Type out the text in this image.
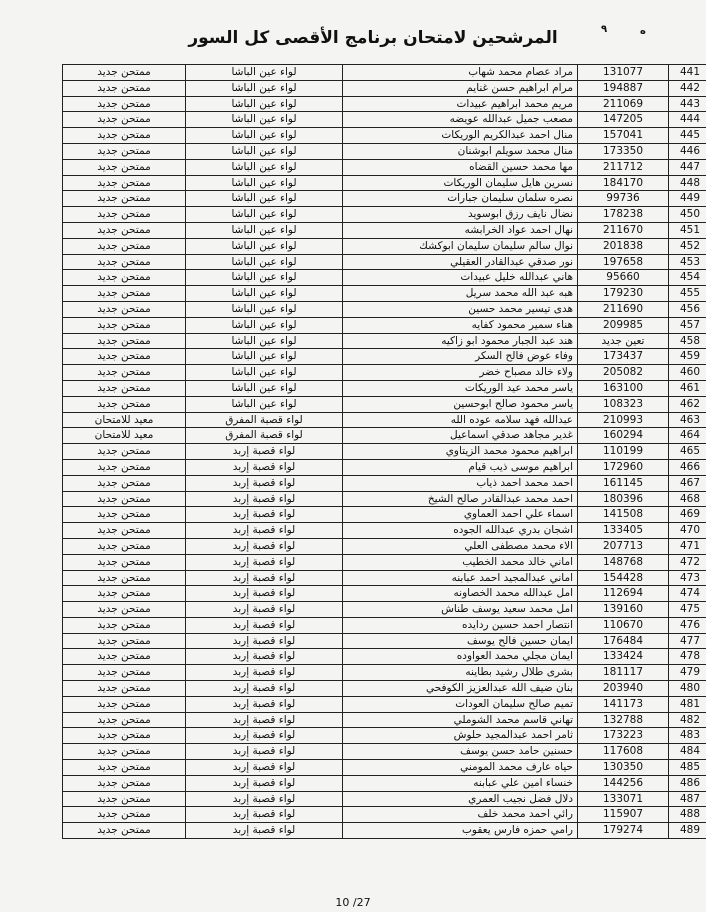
ه
٩
المرشحين لامتحان برنامج الأقصى كل السور
441	131077	مراد عصام محمد شهاب	لواء عين الباشا	ممتحن جديد
442	194887	مرام ابراهيم حسن غنايم	لواء عين الباشا	ممتحن جديد
443	211069	مريم محمد ابراهيم عبيدات	لواء عين الباشا	ممتحن جديد
444	147205	مصعب جميل عبدالله عويضه	لواء عين الباشا	ممتحن جديد
445	157041	منال احمد عبدالكريم الوريكات	لواء عين الباشا	ممتحن جديد
446	173350	منال محمد سويلم ابوشنان	لواء عين الباشا	ممتحن جديد
447	211712	مها محمد حسين القضاه	لواء عين الباشا	ممتحن جديد
448	184170	نسرين هايل سليمان الوريكات	لواء عين الباشا	ممتحن جديد
449	99736	نصره سلمان سليمان جبارات	لواء عين الباشا	ممتحن جديد
450	178238	نضال نايف رزق ابوسويد	لواء عين الباشا	ممتحن جديد
451	211670	نهال احمد عواد الخرابشه	لواء عين الباشا	ممتحن جديد
452	201838	نوال سالم سليمان سليمان ابوكشك	لواء عين الباشا	ممتحن جديد
453	197658	نور صدقي عبدالقادر العقيلي	لواء عين الباشا	ممتحن جديد
454	95660	هاني عبدالله خليل عبيدات	لواء عين الباشا	ممتحن جديد
455	179230	هبه عبد الله محمد سريل	لواء عين الباشا	ممتحن جديد
456	211690	هدى تيسير محمد حسين	لواء عين الباشا	ممتحن جديد
457	209985	هناء سمير محمود كفايه	لواء عين الباشا	ممتحن جديد
458	تعين جديد	هند عبد الجبار محمود ابو زاكيه	لواء عين الباشا	ممتحن جديد
459	173437	وفاء عوض فالح السكر	لواء عين الباشا	ممتحن جديد
460	205082	ولاء خالد مصباح خضر	لواء عين الباشا	ممتحن جديد
461	163100	ياسر محمد عيد الوريكات	لواء عين الباشا	ممتحن جديد
462	108323	ياسر محمود صالح ابوحسين	لواء عين الباشا	ممتحن جديد
463	210993	عبدالله فهد سلامه عوده الله	لواء قصبة المفرق	معيد للامتحان
464	160294	غدير مجاهد صدقي اسماعيل	لواء قصبة المفرق	معيد للامتحان
465	110199	ابراهيم محمود محمد الزيتاوي	لواء قصبة إربد	ممتحن جديد
466	172960	ابراهيم موسى ذيب قيام	لواء قصبة إربد	ممتحن جديد
467	161145	احمد محمد احمد ذياب	لواء قصبة إربد	ممتحن جديد
468	180396	احمد محمد عبدالقادر صالح الشيخ	لواء قصبة إربد	ممتحن جديد
469	141508	اسماء علي احمد العماوي	لواء قصبة إربد	ممتحن جديد
470	133405	اشجان بدري عبدالله الجوده	لواء قصبة إربد	ممتحن جديد
471	207713	الاء محمد مصطفى العلي	لواء قصبة إربد	ممتحن جديد
472	148768	اماني خالد محمد الخطيب	لواء قصبة إربد	ممتحن جديد
473	154428	اماني عبدالمجيد احمد عبابنه	لواء قصبة إربد	ممتحن جديد
474	112694	امل عبدالله محمد الخصاونه	لواء قصبة إربد	ممتحن جديد
475	139160	امل محمد سعيد يوسف طناش	لواء قصبة إربد	ممتحن جديد
476	110670	انتصار احمد حسين ردايده	لواء قصبة إربد	ممتحن جديد
477	176484	ايمان حسين فالح يوسف	لواء قصبة إربد	ممتحن جديد
478	133424	ايمان مجلي محمد العواوده	لواء قصبة إربد	ممتحن جديد
479	181117	بشرى طلال رشيد بطاينه	لواء قصبة إربد	ممتحن جديد
480	203940	بنان ضيف الله عبدالعزيز الكوفحي	لواء قصبة إربد	ممتحن جديد
481	141173	تميم صالح سليمان العودات	لواء قصبة إربد	ممتحن جديد
482	132788	تهاني قاسم محمد الشوملي	لواء قصبة إربد	ممتحن جديد
483	173223	ثامر احمد عبدالمجيد حلوش	لواء قصبة إربد	ممتحن جديد
484	117608	حسنين حامد حسن يوسف	لواء قصبة إربد	ممتحن جديد
485	130350	حياه عارف محمد المومني	لواء قصبة إربد	ممتحن جديد
486	144256	خنساء امين علي عبابنه	لواء قصبة إربد	ممتحن جديد
487	133071	دلال فضل نجيب العمري	لواء قصبة إربد	ممتحن جديد
488	115907	رائي احمد محمد خلف	لواء قصبة إربد	ممتحن جديد
489	179274	رامي حمزه فارس يعقوب	لواء قصبة إربد	ممتحن جديد
10 /27
